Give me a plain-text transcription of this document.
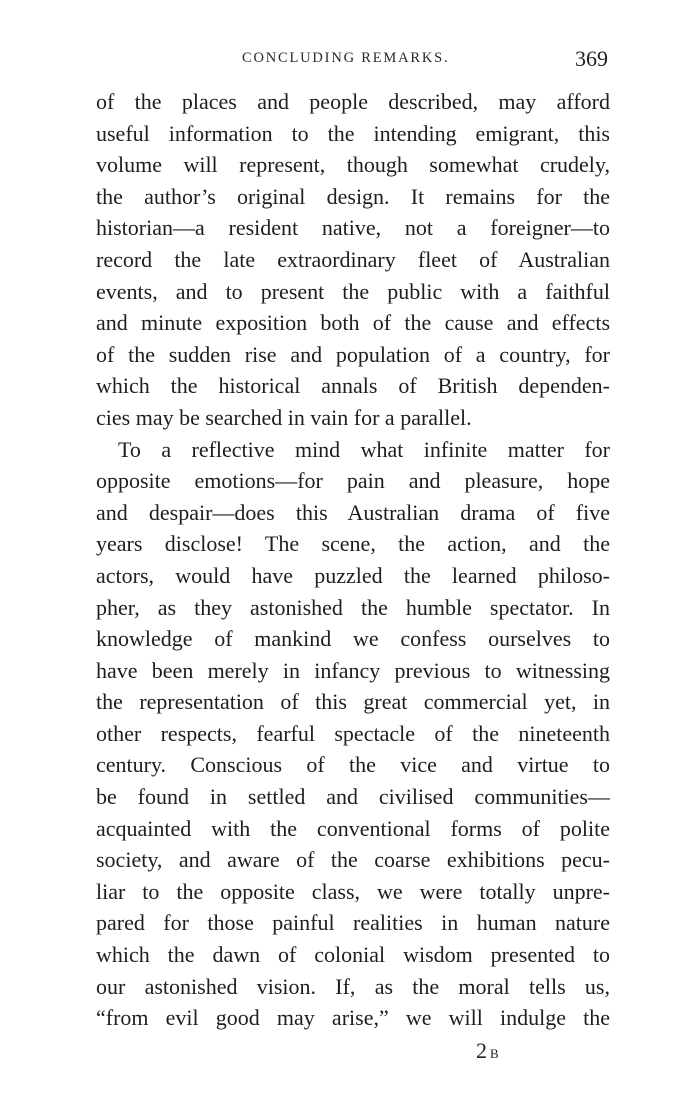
CONCLUDING REMARKS.	369
of the places and people described, may afford
useful information to the intending emigrant, this
volume will represent, though somewhat crudely,
the author’s original design. It remains for the
historian—a resident native, not a foreigner—to
record the late extraordinary fleet of Australian
events, and to present the public with a faithful
and minute exposition both of the cause and effects
of the sudden rise and population of a country, for
which the historical annals of British dependen-
cies may be searched in vain for a parallel.
To a reflective mind what infinite matter for
opposite emotions—for pain and pleasure, hope
and despair—does this Australian drama of five
years disclose! The scene, the action, and the
actors, would have puzzled the learned philoso-
pher, as they astonished the humble spectator. In
knowledge of mankind we confess ourselves to
have been merely in infancy previous to witnessing
the representation of this great commercial yet, in
other respects, fearful spectacle of the nineteenth
century. Conscious of the vice and virtue to
be found in settled and civilised communities—
acquainted with the conventional forms of polite
society, and aware of the coarse exhibitions pecu-
liar to the opposite class, we were totally unpre-
pared for those painful realities in human nature
which the dawn of colonial wisdom presented to
our astonished vision. If, as the moral tells us,
“from evil good may arise,” we will indulge the
2 B
